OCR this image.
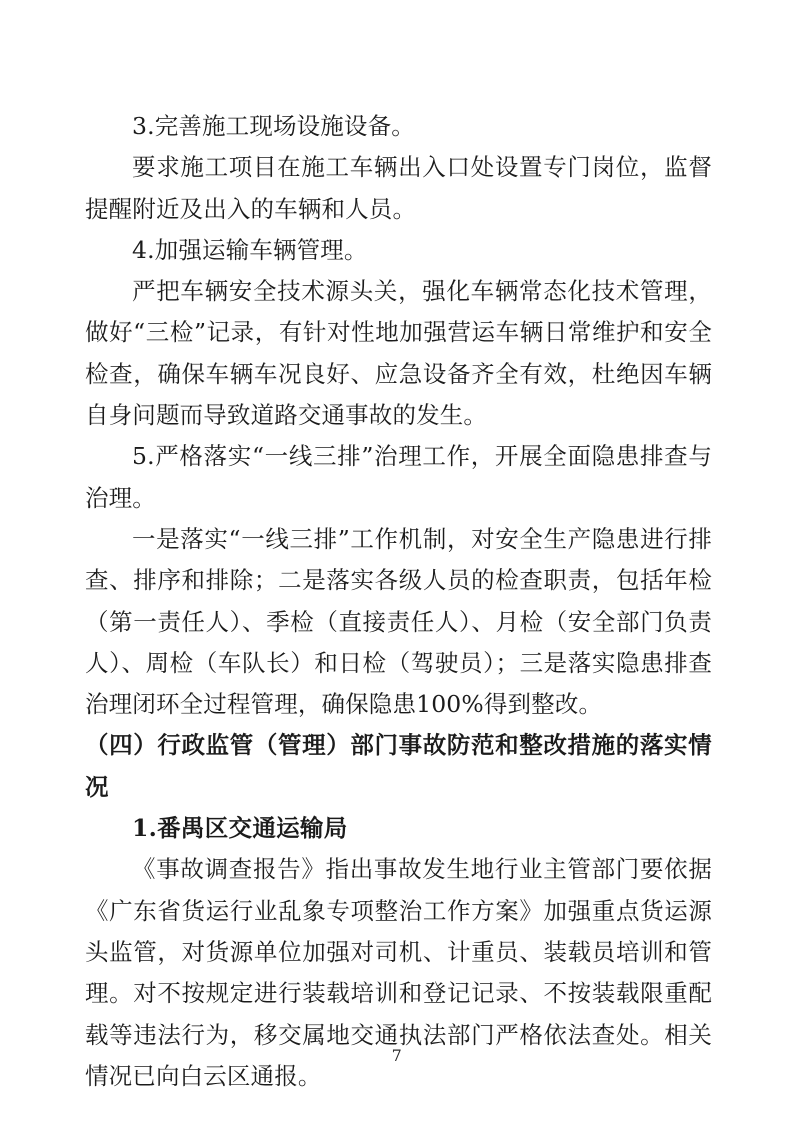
3.完善施工现场设施设备。

要求施工项目在施工车辆出入口处设置专门岗位，监督提醒附近及出入的车辆和人员。

4.加强运输车辆管理。

严把车辆安全技术源头关，强化车辆常态化技术管理，做好“三检”记录，有针对性地加强营运车辆日常维护和安全检查，确保车辆车况良好、应急设备齐全有效，杜绝因车辆自身问题而导致道路交通事故的发生。

5.严格落实“一线三排”治理工作，开展全面隐患排查与治理。

一是落实“一线三排”工作机制，对安全生产隐患进行排查、排序和排除；二是落实各级人员的检查职责，包括年检（第一责任人）、季检（直接责任人）、月检（安全部门负责人）、周检（车队长）和日检（驾驶员）；三是落实隐患排查治理闭环全过程管理，确保隐患100%得到整改。

（四）行政监管（管理）部门事故防范和整改措施的落实情况

1.番禺区交通运输局

《事故调查报告》指出事故发生地行业主管部门要依据《广东省货运行业乱象专项整治工作方案》加强重点货运源头监管，对货源单位加强对司机、计重员、装载员培训和管理。对不按规定进行装载培训和登记记录、不按装载限重配载等违法行为，移交属地交通执法部门严格依法查处。相关情况已向白云区通报。

7
